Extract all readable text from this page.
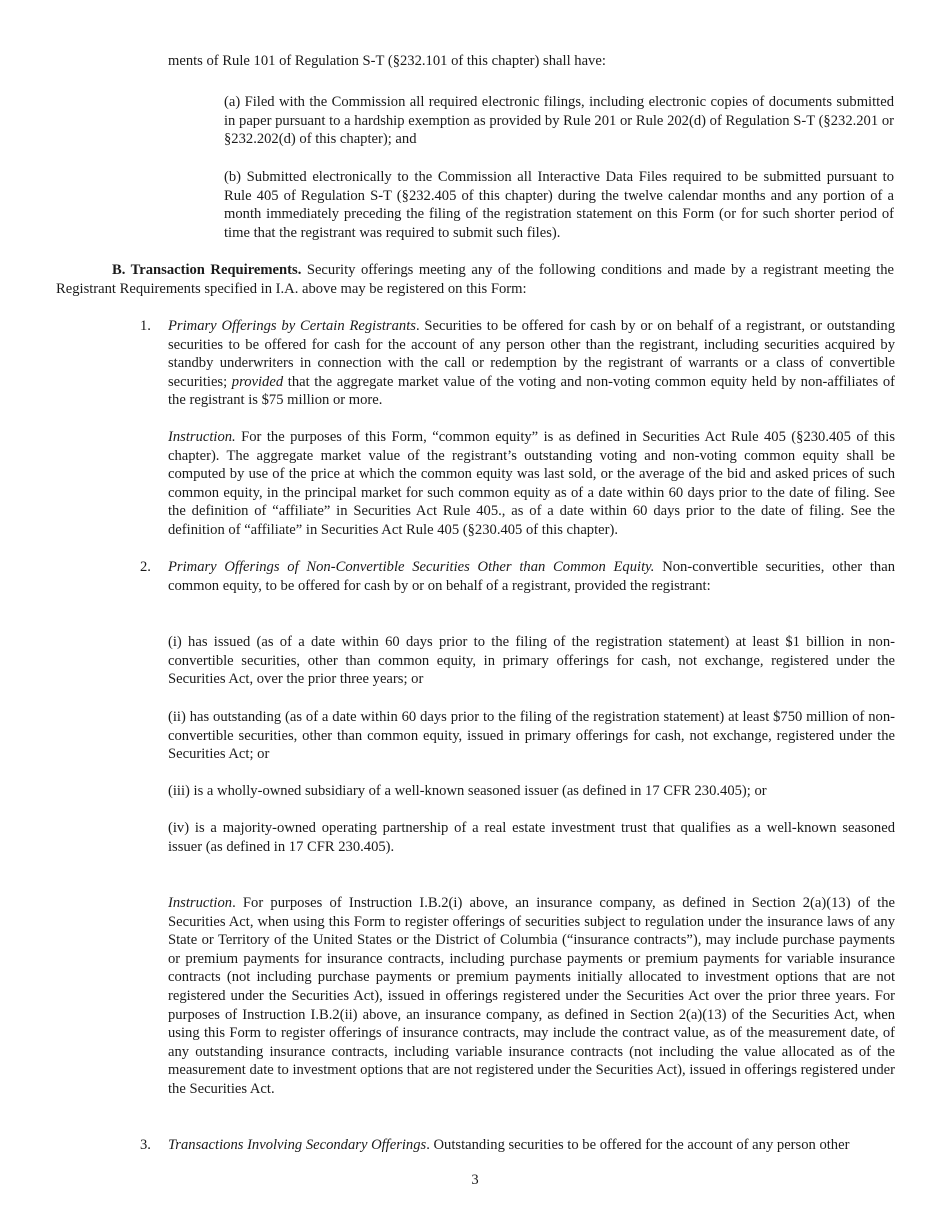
ments of Rule 101 of Regulation S-T (§232.101 of this chapter) shall have:

(a) Filed with the Commission all required electronic filings, including electronic copies of documents submitted in paper pursuant to a hardship exemption as provided by Rule 201 or Rule 202(d) of Regulation S-T (§232.201 or §232.202(d) of this chapter); and

(b) Submitted electronically to the Commission all Interactive Data Files required to be submitted pursuant to Rule 405 of Regulation S-T (§232.405 of this chapter) during the twelve calendar months and any portion of a month immediately preceding the filing of the registration statement on this Form (or for such shorter period of time that the registrant was required to submit such files).

B. Transaction Requirements. Security offerings meeting any of the following conditions and made by a registrant meeting the Registrant Requirements specified in I.A. above may be registered on this Form:

1. Primary Offerings by Certain Registrants. Securities to be offered for cash by or on behalf of a registrant, or outstanding securities to be offered for cash for the account of any person other than the registrant, including securities acquired by standby underwriters in connection with the call or redemption by the registrant of warrants or a class of convertible securities; provided that the aggregate market value of the voting and non-voting common equity held by non-affiliates of the registrant is $75 million or more.

Instruction. For the purposes of this Form, “common equity” is as defined in Securities Act Rule 405 (§230.405 of this chapter). The aggregate market value of the registrant’s outstanding voting and non-voting common equity shall be computed by use of the price at which the common equity was last sold, or the average of the bid and asked prices of such common equity, in the principal market for such common equity as of a date within 60 days prior to the date of filing. See the definition of “affiliate” in Securities Act Rule 405., as of a date within 60 days prior to the date of filing. See the definition of “affiliate” in Securities Act Rule 405 (§230.405 of this chapter).

2. Primary Offerings of Non-Convertible Securities Other than Common Equity. Non-convertible securities, other than common equity, to be offered for cash by or on behalf of a registrant, provided the registrant:

(i) has issued (as of a date within 60 days prior to the filing of the registration statement) at least $1 billion in non-convertible securities, other than common equity, in primary offerings for cash, not exchange, registered under the Securities Act, over the prior three years; or

(ii) has outstanding (as of a date within 60 days prior to the filing of the registration statement) at least $750 million of non-convertible securities, other than common equity, issued in primary offerings for cash, not exchange, registered under the Securities Act; or

(iii) is a wholly-owned subsidiary of a well-known seasoned issuer (as defined in 17 CFR 230.405); or

(iv) is a majority-owned operating partnership of a real estate investment trust that qualifies as a well-known seasoned issuer (as defined in 17 CFR 230.405).

Instruction. For purposes of Instruction I.B.2(i) above, an insurance company, as defined in Section 2(a)(13) of the Securities Act, when using this Form to register offerings of securities subject to regulation under the insurance laws of any State or Territory of the United States or the District of Columbia (“insurance contracts”), may include purchase payments or premium payments for insurance contracts, including purchase payments or premium payments for variable insurance contracts (not including purchase payments or premium payments initially allocated to investment options that are not registered under the Securities Act), issued in offerings registered under the Securities Act over the prior three years. For purposes of Instruction I.B.2(ii) above, an insurance company, as defined in Section 2(a)(13) of the Securities Act, when using this Form to register offerings of insurance contracts, may include the contract value, as of the measurement date, of any outstanding insurance contracts, including variable insurance contracts (not including the value allocated as of the measurement date to investment options that are not registered under the Securities Act), issued in offerings registered under the Securities Act.

3. Transactions Involving Secondary Offerings. Outstanding securities to be offered for the account of any person other

3
